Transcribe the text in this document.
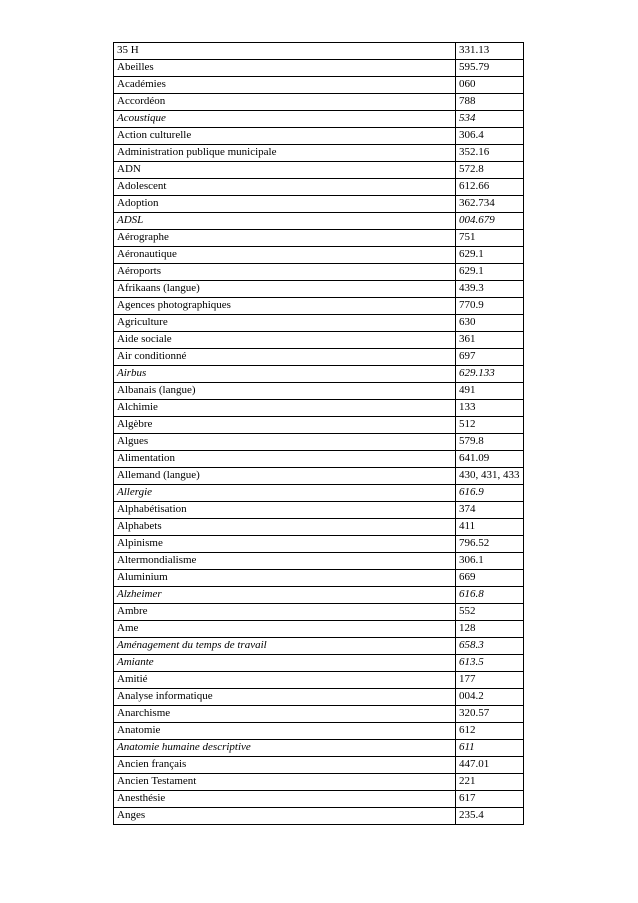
35 H	331.13
Abeilles	595.79
Académies	060
Accordéon	788
Acoustique	534
Action culturelle	306.4
Administration publique municipale	352.16
ADN	572.8
Adolescent	612.66
Adoption	362.734
ADSL	004.679
Aérographe	751
Aéronautique	629.1
Aéroports	629.1
Afrikaans (langue)	439.3
Agences photographiques	770.9
Agriculture	630
Aide sociale	361
Air conditionné	697
Airbus	629.133
Albanais (langue)	491
Alchimie	133
Algèbre	512
Algues	579.8
Alimentation	641.09
Allemand (langue)	430, 431, 433
Allergie	616.9
Alphabétisation	374
Alphabets	411
Alpinisme	796.52
Altermondialisme	306.1
Aluminium	669
Alzheimer	616.8
Ambre	552
Ame	128
Aménagement du temps de travail	658.3
Amiante	613.5
Amitié	177
Analyse informatique	004.2
Anarchisme	320.57
Anatomie	612
Anatomie humaine descriptive	611
Ancien français	447.01
Ancien Testament	221
Anesthésie	617
Anges	235.4
